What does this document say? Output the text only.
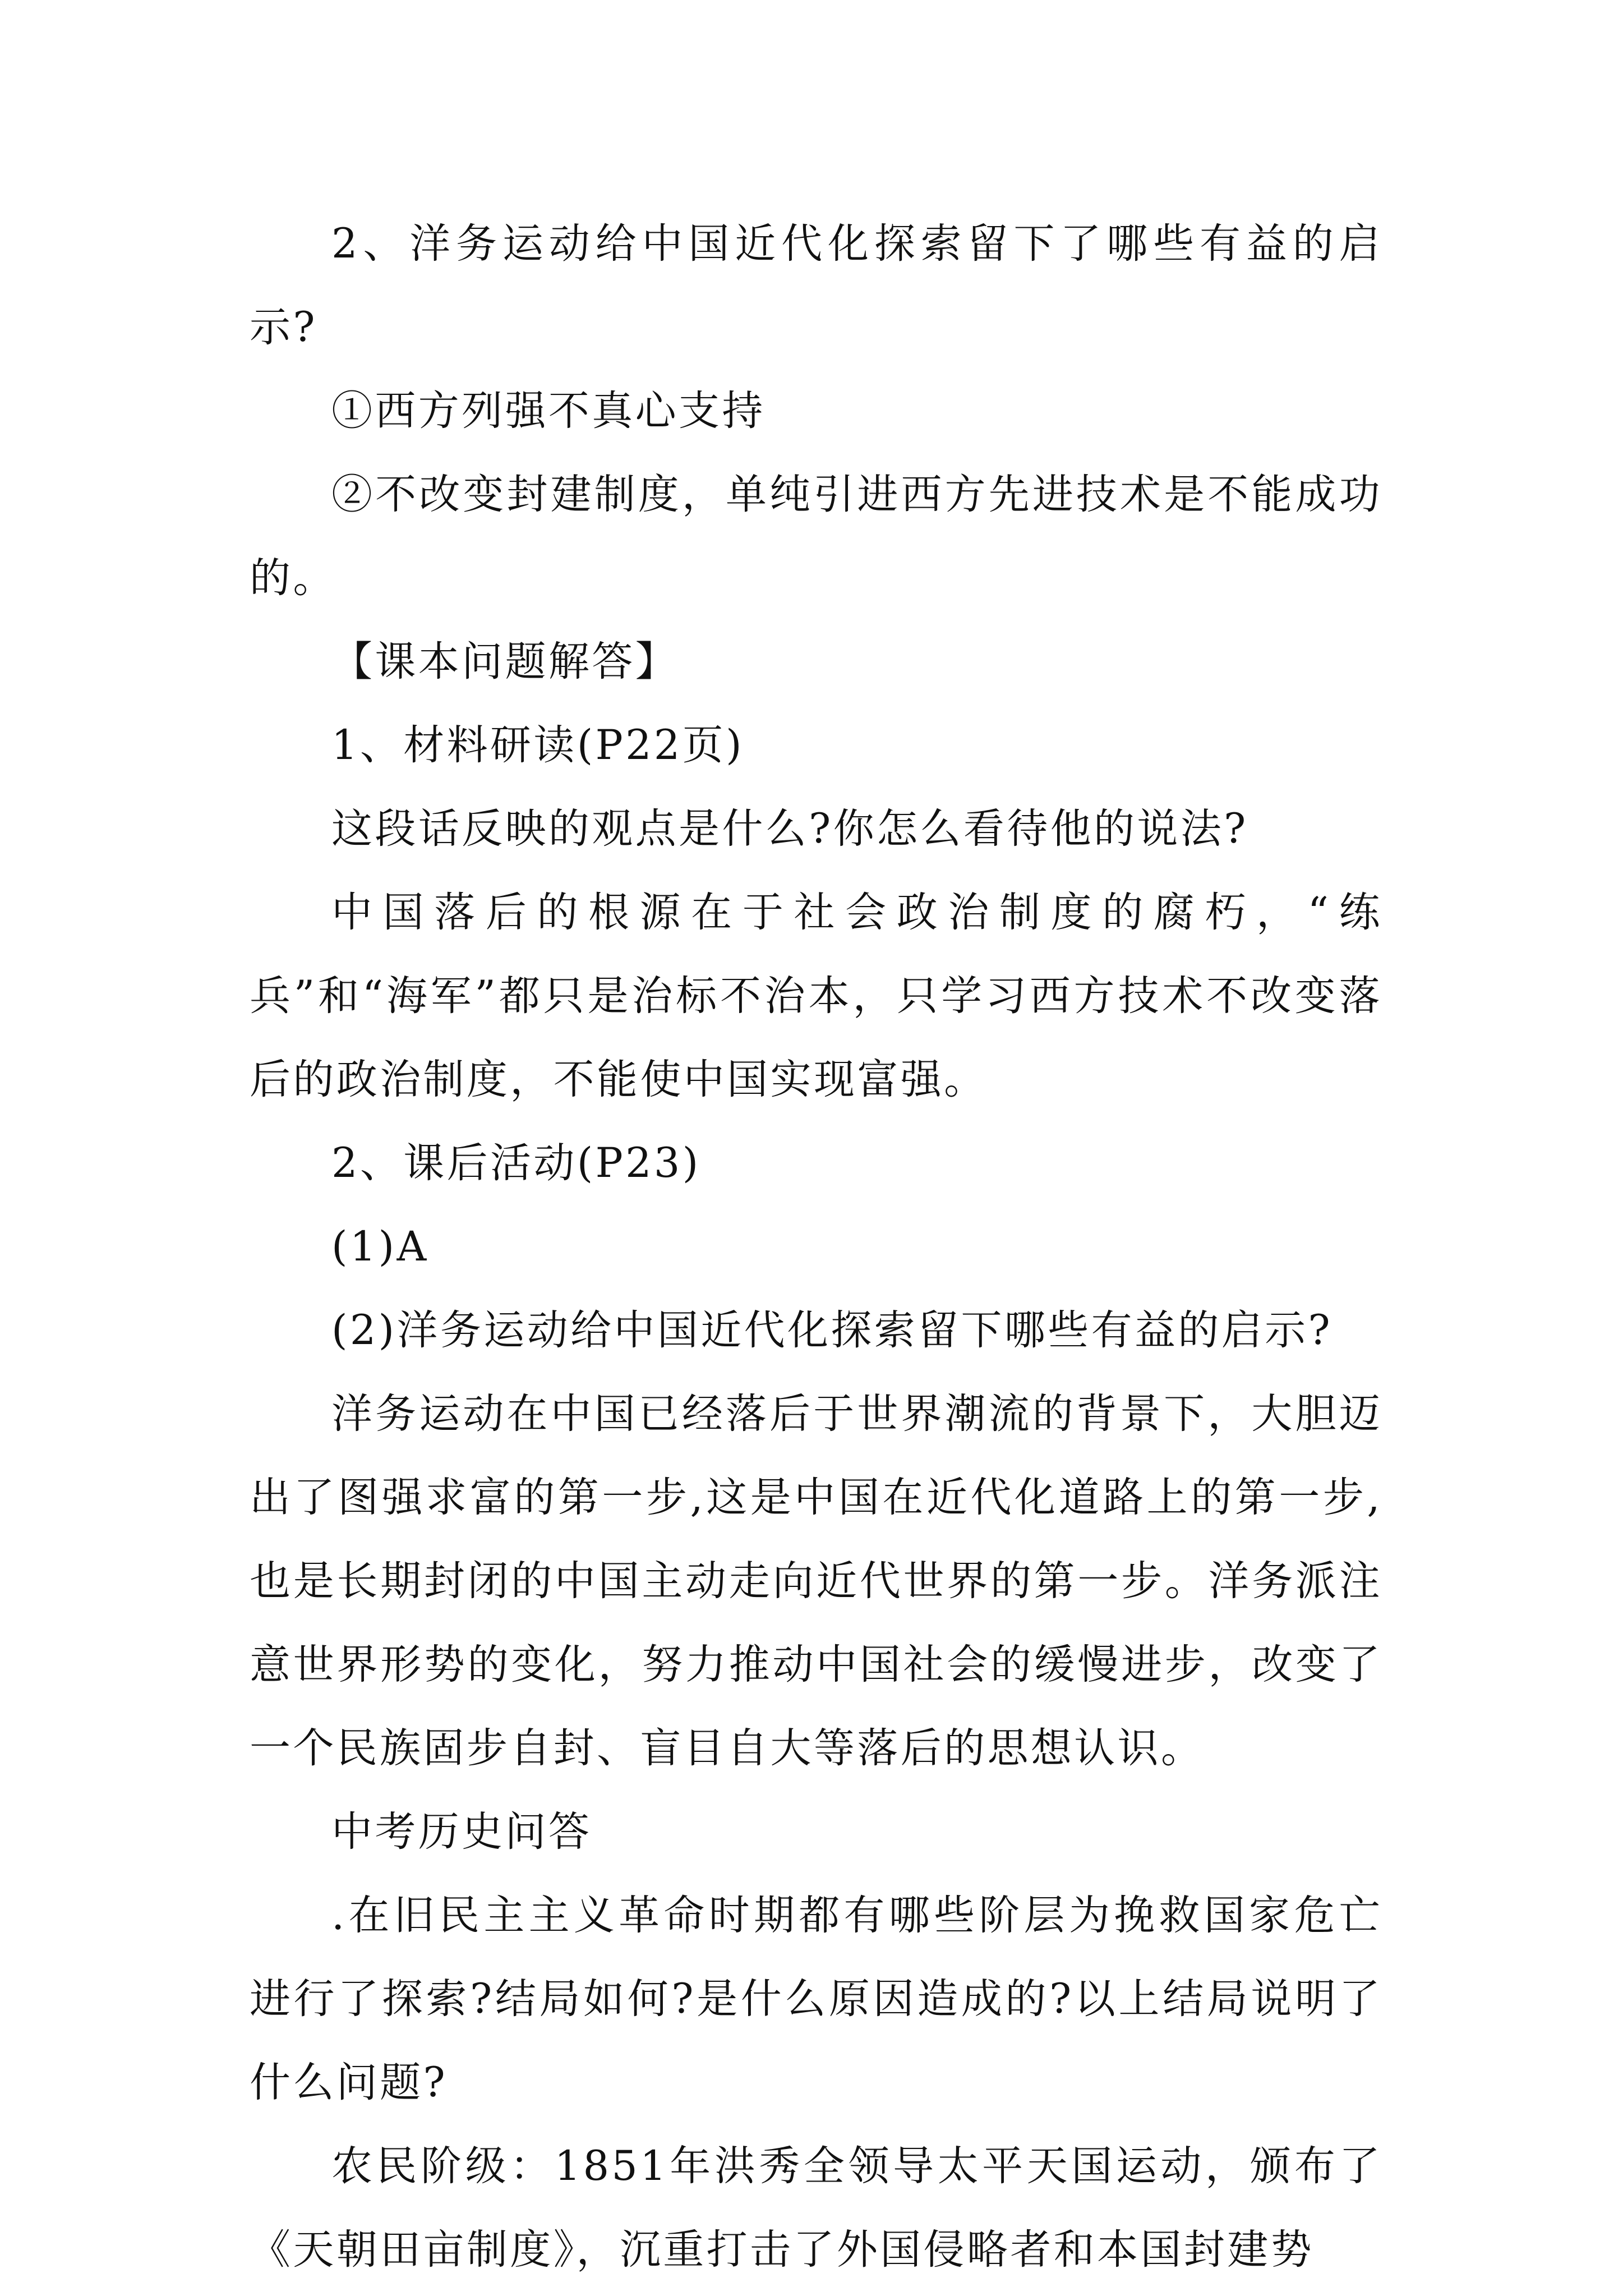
2、洋务运动给中国近代化探索留下了哪些有益的启示?

①西方列强不真心支持

②不改变封建制度，单纯引进西方先进技术是不能成功的。

【课本问题解答】

1、材料研读(P22页)

这段话反映的观点是什么?你怎么看待他的说法?

中国落后的根源在于社会政治制度的腐朽，“练兵”和“海军”都只是治标不治本，只学习西方技术不改变落后的政治制度，不能使中国实现富强。

2、课后活动(P23)

(1)A

(2)洋务运动给中国近代化探索留下哪些有益的启示?

洋务运动在中国已经落后于世界潮流的背景下，大胆迈出了图强求富的第一步,这是中国在近代化道路上的第一步,也是长期封闭的中国主动走向近代世界的第一步。洋务派注意世界形势的变化，努力推动中国社会的缓慢进步，改变了一个民族固步自封、盲目自大等落后的思想认识。

中考历史问答

.在旧民主主义革命时期都有哪些阶层为挽救国家危亡进行了探索?结局如何?是什么原因造成的?以上结局说明了什么问题?

农民阶级：1851年洪秀全领导太平天国运动，颁布了《天朝田亩制度》，沉重打击了外国侵略者和本国封建势
